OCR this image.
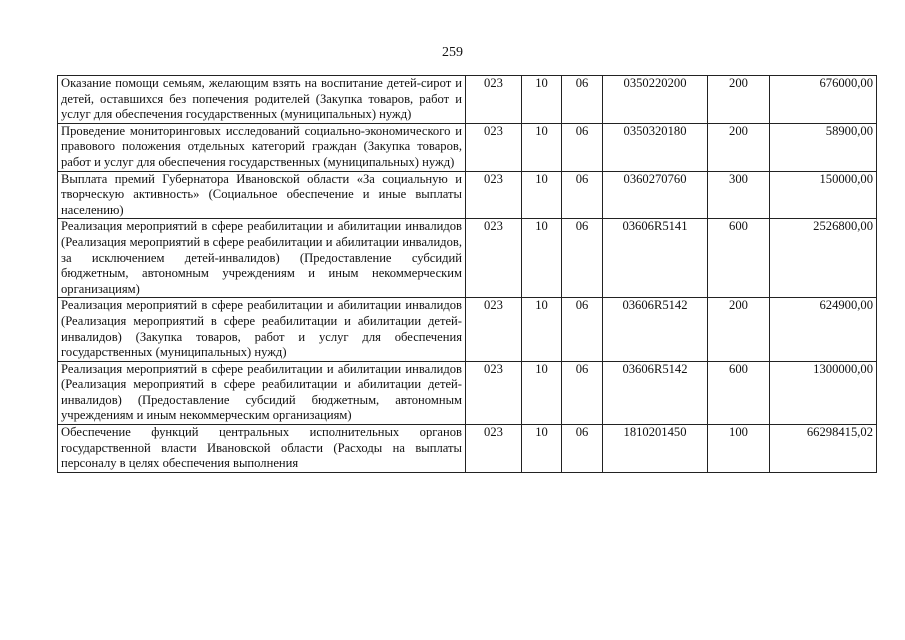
259
Оказание помощи семьям, желающим взять на воспитание детей-сирот и детей, оставшихся без попечения родителей (Закупка товаров, работ и услуг для обеспечения государственных (муниципальных) нужд)	023	10	06	0350220200	200	676000,00
Проведение мониторинговых исследований социально-экономического и правового положения отдельных категорий граждан (Закупка товаров, работ и услуг для обеспечения государственных (муниципальных) нужд)	023	10	06	0350320180	200	58900,00
Выплата премий Губернатора Ивановской области «За социальную и творческую активность» (Социальное обеспечение и иные выплаты населению)	023	10	06	0360270760	300	150000,00
Реализация мероприятий в сфере реабилитации и абилитации инвалидов (Реализация мероприятий в сфере реабилитации и абилитации инвалидов, за исключением детей-инвалидов) (Предоставление субсидий бюджетным, автономным учреждениям и иным некоммерческим организациям)	023	10	06	03606R5141	600	2526800,00
Реализация мероприятий в сфере реабилитации и абилитации инвалидов (Реализация мероприятий в сфере реабилитации и абилитации детей-инвалидов) (Закупка товаров, работ и услуг для обеспечения государственных (муниципальных) нужд)	023	10	06	03606R5142	200	624900,00
Реализация мероприятий в сфере реабилитации и абилитации инвалидов (Реализация мероприятий в сфере реабилитации и абилитации детей-инвалидов) (Предоставление субсидий бюджетным, автономным учреждениям и иным некоммерческим организациям)	023	10	06	03606R5142	600	1300000,00
Обеспечение функций центральных исполнительных органов государственной власти Ивановской области (Расходы на выплаты персоналу в целях обеспечения выполнения	023	10	06	1810201450	100	66298415,02
